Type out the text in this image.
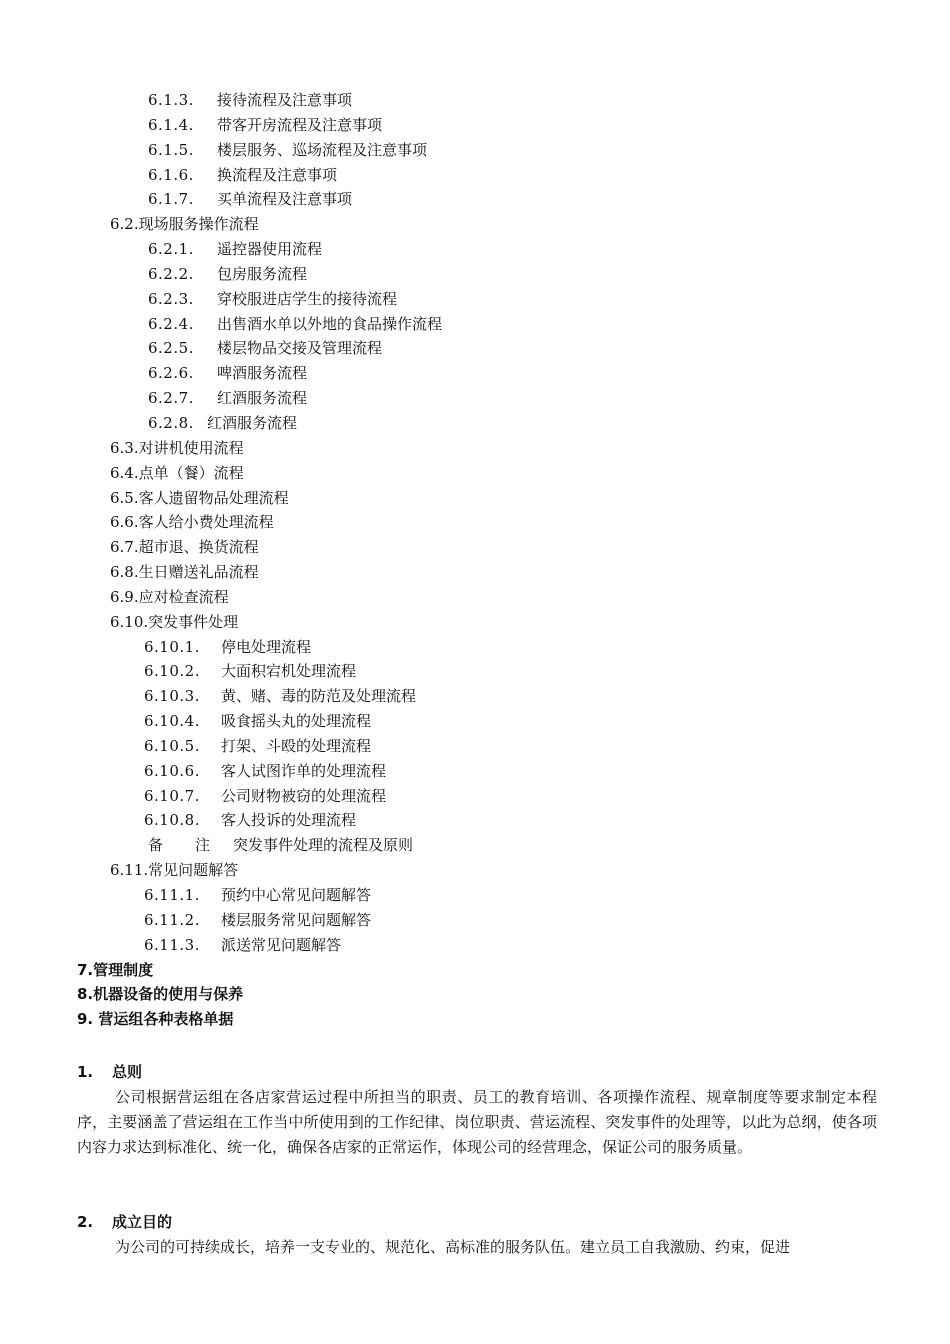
6.1.3. 接待流程及注意事项
6.1.4. 带客开房流程及注意事项
6.1.5. 楼层服务、巡场流程及注意事项
6.1.6. 换流程及注意事项
6.1.7. 买单流程及注意事项
6.2.现场服务操作流程
6.2.1. 遥控器使用流程
6.2.2. 包房服务流程
6.2.3. 穿校服进店学生的接待流程
6.2.4. 出售酒水单以外地的食品操作流程
6.2.5. 楼层物品交接及管理流程
6.2.6. 啤酒服务流程
6.2.7. 红酒服务流程
6.2.8. 红酒服务流程
6.3.对讲机使用流程
6.4.点单（餐）流程
6.5.客人遗留物品处理流程
6.6.客人给小费处理流程
6.7.超市退、换货流程
6.8.生日赠送礼品流程
6.9.应对检查流程
6.10.突发事件处理
6.10.1. 停电处理流程
6.10.2. 大面积宕机处理流程
6.10.3. 黄、赌、毒的防范及处理流程
6.10.4. 吸食摇头丸的处理流程
6.10.5. 打架、斗殴的处理流程
6.10.6. 客人试图诈单的处理流程
6.10.7. 公司财物被窃的处理流程
6.10.8. 客人投诉的处理流程
备注突发事件处理的流程及原则
6.11.常见问题解答
6.11.1. 预约中心常见问题解答
6.11.2. 楼层服务常见问题解答
6.11.3. 派送常见问题解答
7.管理制度
8.机器设备的使用与保养
9. 营运组各种表格单据
1. 总则

公司根据营运组在各店家营运过程中所担当的职责、员工的教育培训、各项操作流程、规章制度等要求制定本程序，主要涵盖了营运组在工作当中所使用到的工作纪律、岗位职责、营运流程、突发事件的处理等，以此为总纲，使各项内容力求达到标准化、统一化，确保各店家的正常运作，体现公司的经营理念，保证公司的服务质量。

2. 成立目的

为公司的可持续成长，培养一支专业的、规范化、高标准的服务队伍。建立员工自我激励、约束，促进
